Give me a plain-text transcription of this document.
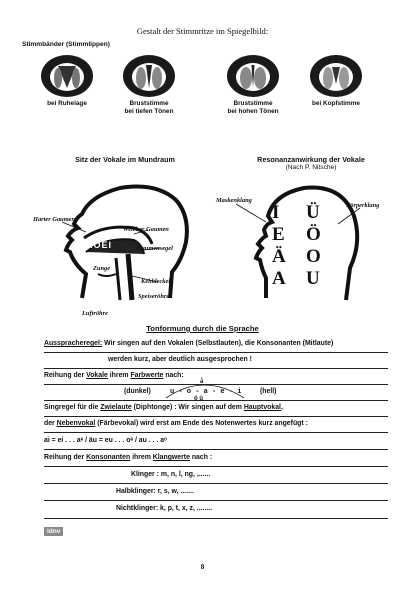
Gestalt der Stimmritze im Spiegelbild:
Stimmbänder (Stimmlippen)
bei Ruhelage	Bruststimme
bei tiefen Tönen
Bruststimme
bei hohen Tönen
bei Kopfstimme
Sitz der Vokale im Mundraum	Resonanzanwirkung der Vokale
(Nach P. Nitsche)
Harter Gaumen
Weicher Gaumen
Gaumensegel
AOEI
Zunge
Kehldeckel
Speiseröhre
Luftröhre
Maskenklang
Körperklang
I
E
Ä
A
Ü
Ö
O
U
Tonformung durch die Sprache
Ausspracheregel: Wir singen auf den Vokalen (Selbstlauten), die Konsonanten (Mitlaute)
werden kurz, aber deutlich ausgesprochen !
Reihung der Vokale ihrem Farbwerte nach:
(dunkel)	u - o - a - e - i
å
ö ü
(hell)
Singregel für die Zwielaute (Diphtonge) : Wir singen auf dem Hauptvokal,
der Nebenvokal (Färbevokal) wird erst am Ende des Notenwertes kurz angefügt :
ai = ei . . . aᵉ / äu = eu . . . oᵉ / au . . . aᵒ
Reihung der Konsonanten ihrem Klangwerte nach :
Klinger : m, n, l, ng, ,......
Halbklinger: r, s, w, .......
Nichtklinger: k, p, t, x, z, ........
idnv
8
